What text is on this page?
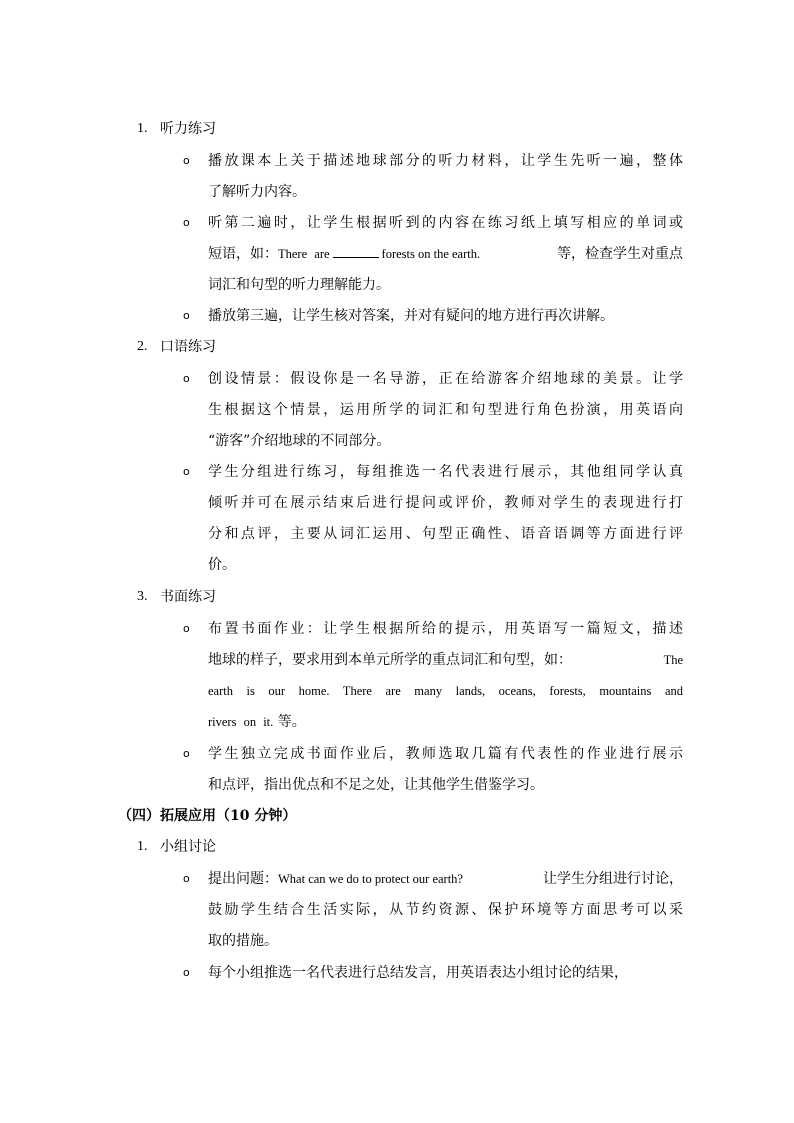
1. 听力练习
o 播放课本上关于描述地球部分的听力材料，让学生先听一遍，整体
了解听力内容。
o 听第二遍时，让学生根据听到的内容在练习纸上填写相应的单词或
短语，如：There are	forests on the earth.	等，检查学生对重点
词汇和句型的听力理解能力。
o 播放第三遍，让学生核对答案，并对有疑问的地方进行再次讲解。
2. 口语练习
o 创设情景：假设你是一名导游，正在给游客介绍地球的美景。让学
生根据这个情景，运用所学的词汇和句型进行角色扮演，用英语向
“游客”介绍地球的不同部分。
o 学生分组进行练习，每组推选一名代表进行展示，其他组同学认真
倾听并可在展示结束后进行提问或评价，教师对学生的表现进行打
分和点评，主要从词汇运用、句型正确性、语音语调等方面进行评
价。
3. 书面练习
o 布置书面作业：让学生根据所给的提示，用英语写一篇短文，描述
地球的样子，要求用到本单元所学的重点词汇和句型，如：	The
earth is our home. There are many lands, oceans, forests, mountains and
rivers on it. 等。
o 学生独立完成书面作业后，教师选取几篇有代表性的作业进行展示
和点评，指出优点和不足之处，让其他学生借鉴学习。
（四）拓展应用（10 分钟）
1. 小组讨论
o 提出问题：What can we do to protect our earth?	让学生分组进行讨论，
鼓励学生结合生活实际，从节约资源、保护环境等方面思考可以采
取的措施。
o 每个小组推选一名代表进行总结发言，用英语表达小组讨论的结果，
